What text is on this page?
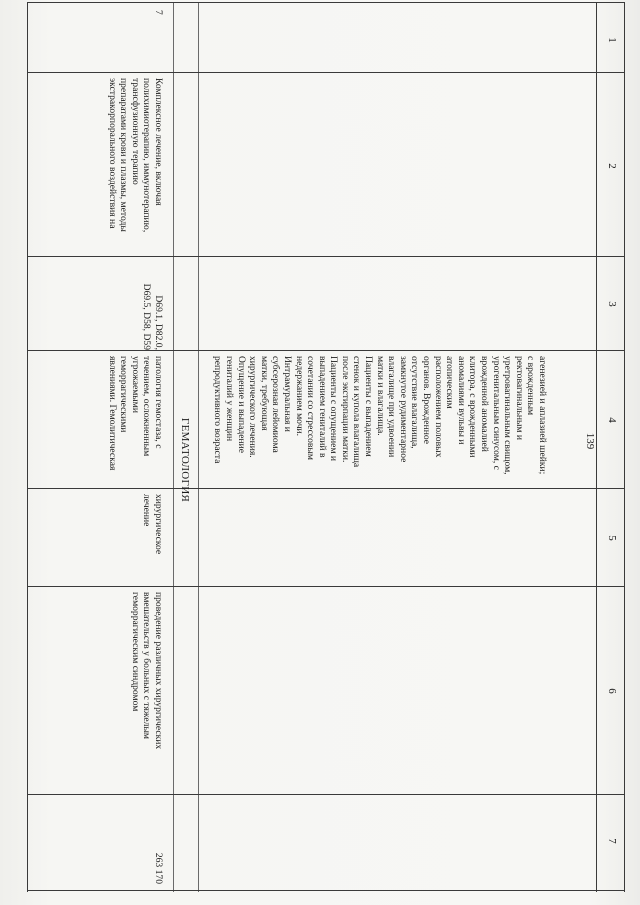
139
1
2
3
4
5
6
7
агенезией и аплазией шейки;
с врожденным
ректовагинальным и
уретровагинальным свищом,
урогенитальным синусом, с
врожденной аномалией
клитора, с врожденными
аномалиями вульвы и
атопическим
расположением половых
органов. Врожденное
отсутствие влагалища,
замкнутое рудиментарное
влагалище при удвоении
матки и влагалища.
Пациенты с выпадением
стенок и купола влагалища
после экстирпации матки.
Пациенты с опущением и
выпадением гениталий в
сочетании со стрессовым
недержанием мочи.
Интрамуральная и
субсерозная лейомиома
матки, требующая
хирургического лечения.
Опущение и выпадение
гениталий у женщин
репродуктивного возраста
ГЕМАТОЛОГИЯ
7
Комплексное лечение, включая
полихимиотерапию, иммунотерапию,
трансфузионную терапию
препаратами крови и плазмы, методы
экстракорпорального воздействия на
D69.1, D82.0,
D69.5, D58, D59
патология гемостаза, с
течением, осложненным
угрожаемыми
геморрагическими
явлениями. Гемолитическая
хирургическое
лечение
проведение различных хирургических
вмешательств у больных с тяжелым
геморрагическим синдромом
263 170
